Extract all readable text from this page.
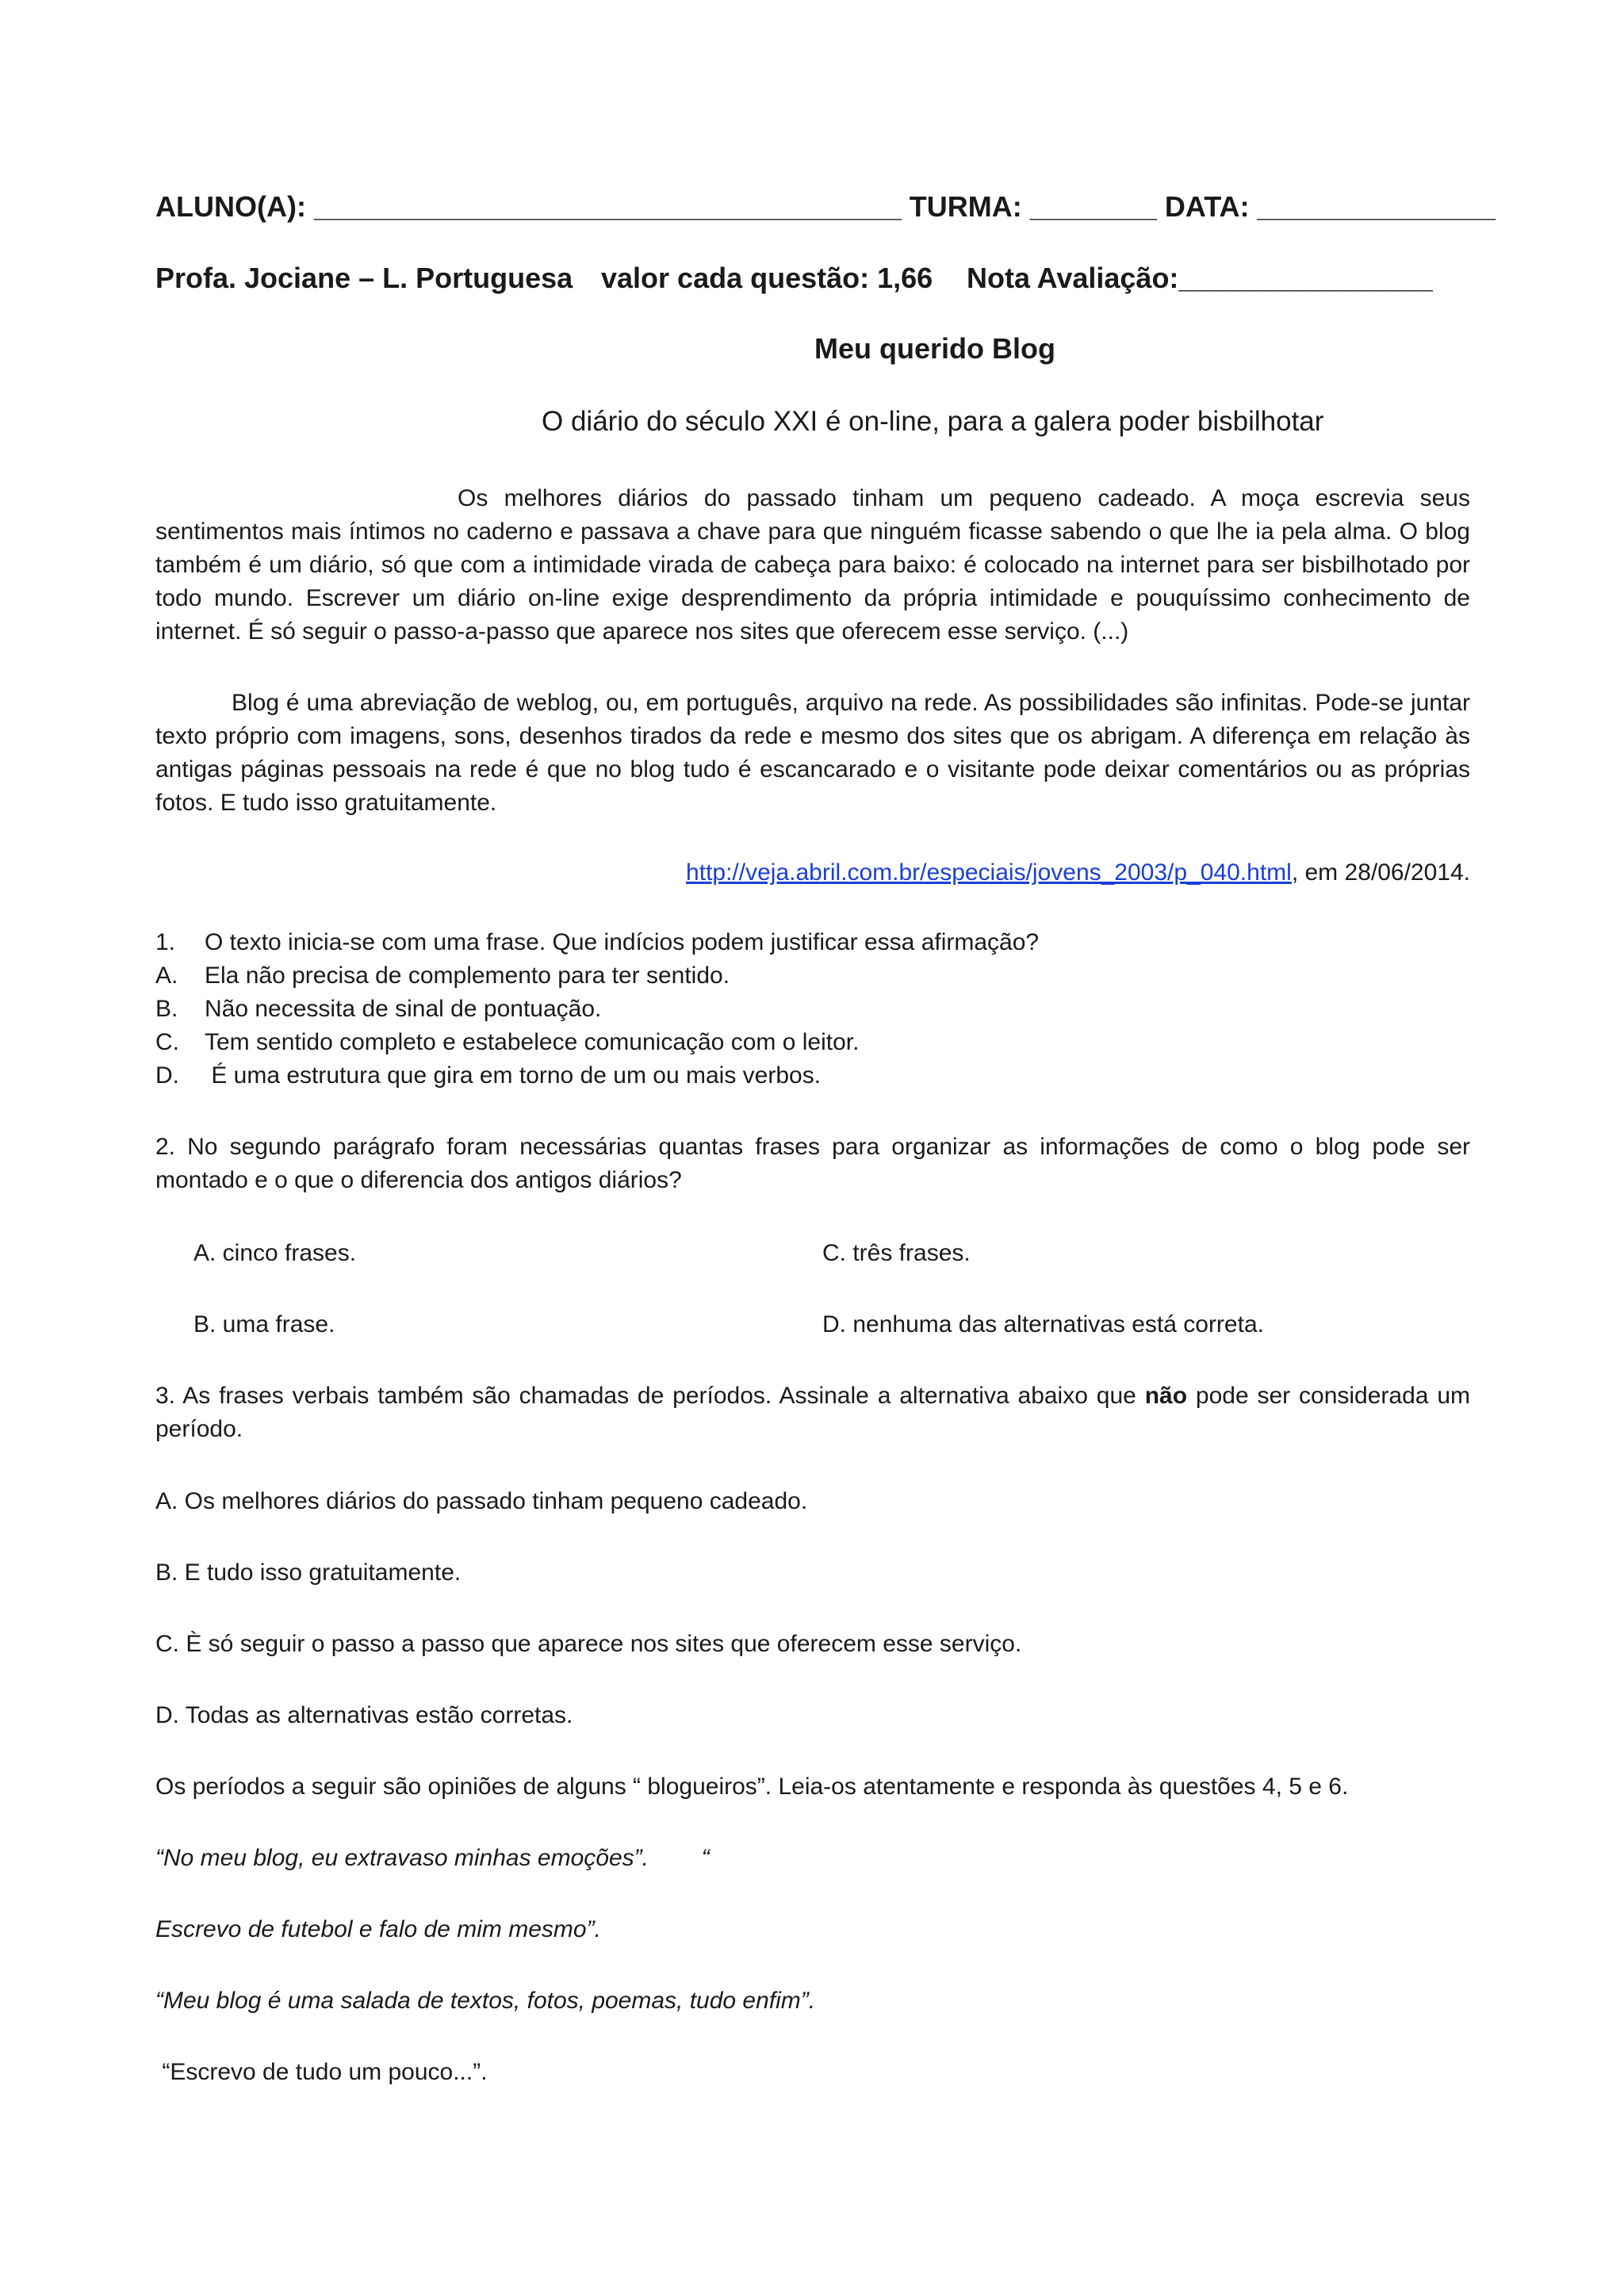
ALUNO(A): _____________________________________ TURMA: ________ DATA: _______________
Profa. Jociane – L. Portuguesa valor cada questão: 1,66 Nota Avaliação:________________
Meu querido Blog
O diário do século XXI é on-line, para a galera poder bisbilhotar
Os melhores diários do passado tinham um pequeno cadeado. A moça escrevia seus sentimentos mais íntimos no caderno e passava a chave para que ninguém ficasse sabendo o que lhe ia pela alma. O blog também é um diário, só que com a intimidade virada de cabeça para baixo: é colocado na internet para ser bisbilhotado por todo mundo. Escrever um diário on-line exige desprendimento da própria intimidade e pouquíssimo conhecimento de internet. É só seguir o passo-a-passo que aparece nos sites que oferecem esse serviço. (...)
Blog é uma abreviação de weblog, ou, em português, arquivo na rede. As possibilidades são infinitas. Pode-se juntar texto próprio com imagens, sons, desenhos tirados da rede e mesmo dos sites que os abrigam. A diferença em relação às antigas páginas pessoais na rede é que no blog tudo é escancarado e o visitante pode deixar comentários ou as próprias fotos. E tudo isso gratuitamente.
http://veja.abril.com.br/especiais/jovens_2003/p_040.html, em 28/06/2014.
1. O texto inicia-se com uma frase. Que indícios podem justificar essa afirmação?
A. Ela não precisa de complemento para ter sentido.
B. Não necessita de sinal de pontuação.
C. Tem sentido completo e estabelece comunicação com o leitor.
D. É uma estrutura que gira em torno de um ou mais verbos.
2. No segundo parágrafo foram necessárias quantas frases para organizar as informações de como o blog pode ser montado e o que o diferencia dos antigos diários?
A. cinco frases.	C. três frases.
B. uma frase.	D. nenhuma das alternativas está correta.
3. As frases verbais também são chamadas de períodos. Assinale a alternativa abaixo que não pode ser considerada um período.
A. Os melhores diários do passado tinham pequeno cadeado.
B. E tudo isso gratuitamente.
C. È só seguir o passo a passo que aparece nos sites que oferecem esse serviço.
D. Todas as alternativas estão corretas.
Os períodos a seguir são opiniões de alguns “ blogueiros”. Leia-os atentamente e responda às questões 4, 5 e 6.
“No meu blog, eu extravaso minhas emoções”.        “
Escrevo de futebol e falo de mim mesmo”.
“Meu blog é uma salada de textos, fotos, poemas, tudo enfim”.
“Escrevo de tudo um pouco...”.
